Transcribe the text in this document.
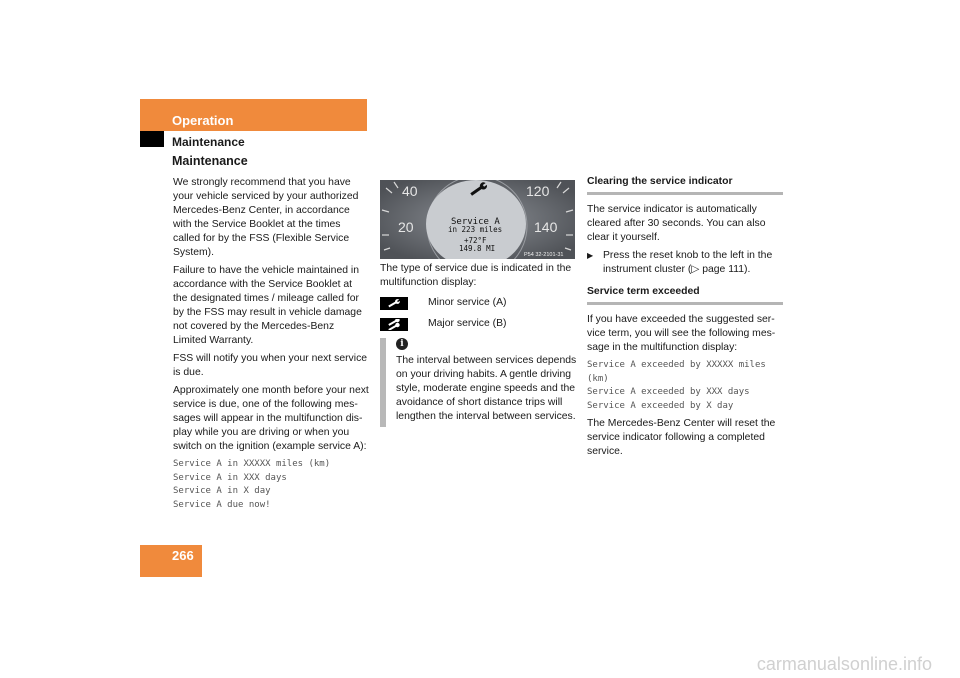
Operation
Maintenance
Maintenance

We strongly recommend that you have your vehicle serviced by your authorized Mercedes-Benz Center, in accordance with the Service Booklet at the times called for by the FSS (Flexible Service System).

Failure to have the vehicle maintained in accordance with the Service Booklet at the designated times / mileage called for by the FSS may result in vehicle damage not covered by the Mercedes-Benz Limited Warranty.

FSS will notify you when your next service is due.

Approximately one month before your next service is due, one of the following mes-sages will appear in the multifunction dis-play while you are driving or when you switch on the ignition (example service A):

Service A in XXXXX miles (km)
Service A in XXX days
Service A in X day
Service A due now!
40
20
120
140
Service A
in 223 miles
+72°F
149.8 MI
P54 32-2101-31

The type of service due is indicated in the multifunction display:

Minor service (A)
Major service (B)
i
The interval between services depends on your driving habits. A gentle driving style, moderate engine speeds and the avoidance of short distance trips will lengthen the interval between services.
Clearing the service indicator

The service indicator is automatically cleared after 30 seconds. You can also clear it yourself.

▶ Press the reset knob to the left in the instrument cluster (▷ page 111).
Service term exceeded

If you have exceeded the suggested ser-vice term, you will see the following mes-sage in the multifunction display:

Service A exceeded by XXXXX miles (km)
Service A exceeded by XXX days
Service A exceeded by X day

The Mercedes-Benz Center will reset the service indicator following a completed service.

266
carmanualsonline.info
